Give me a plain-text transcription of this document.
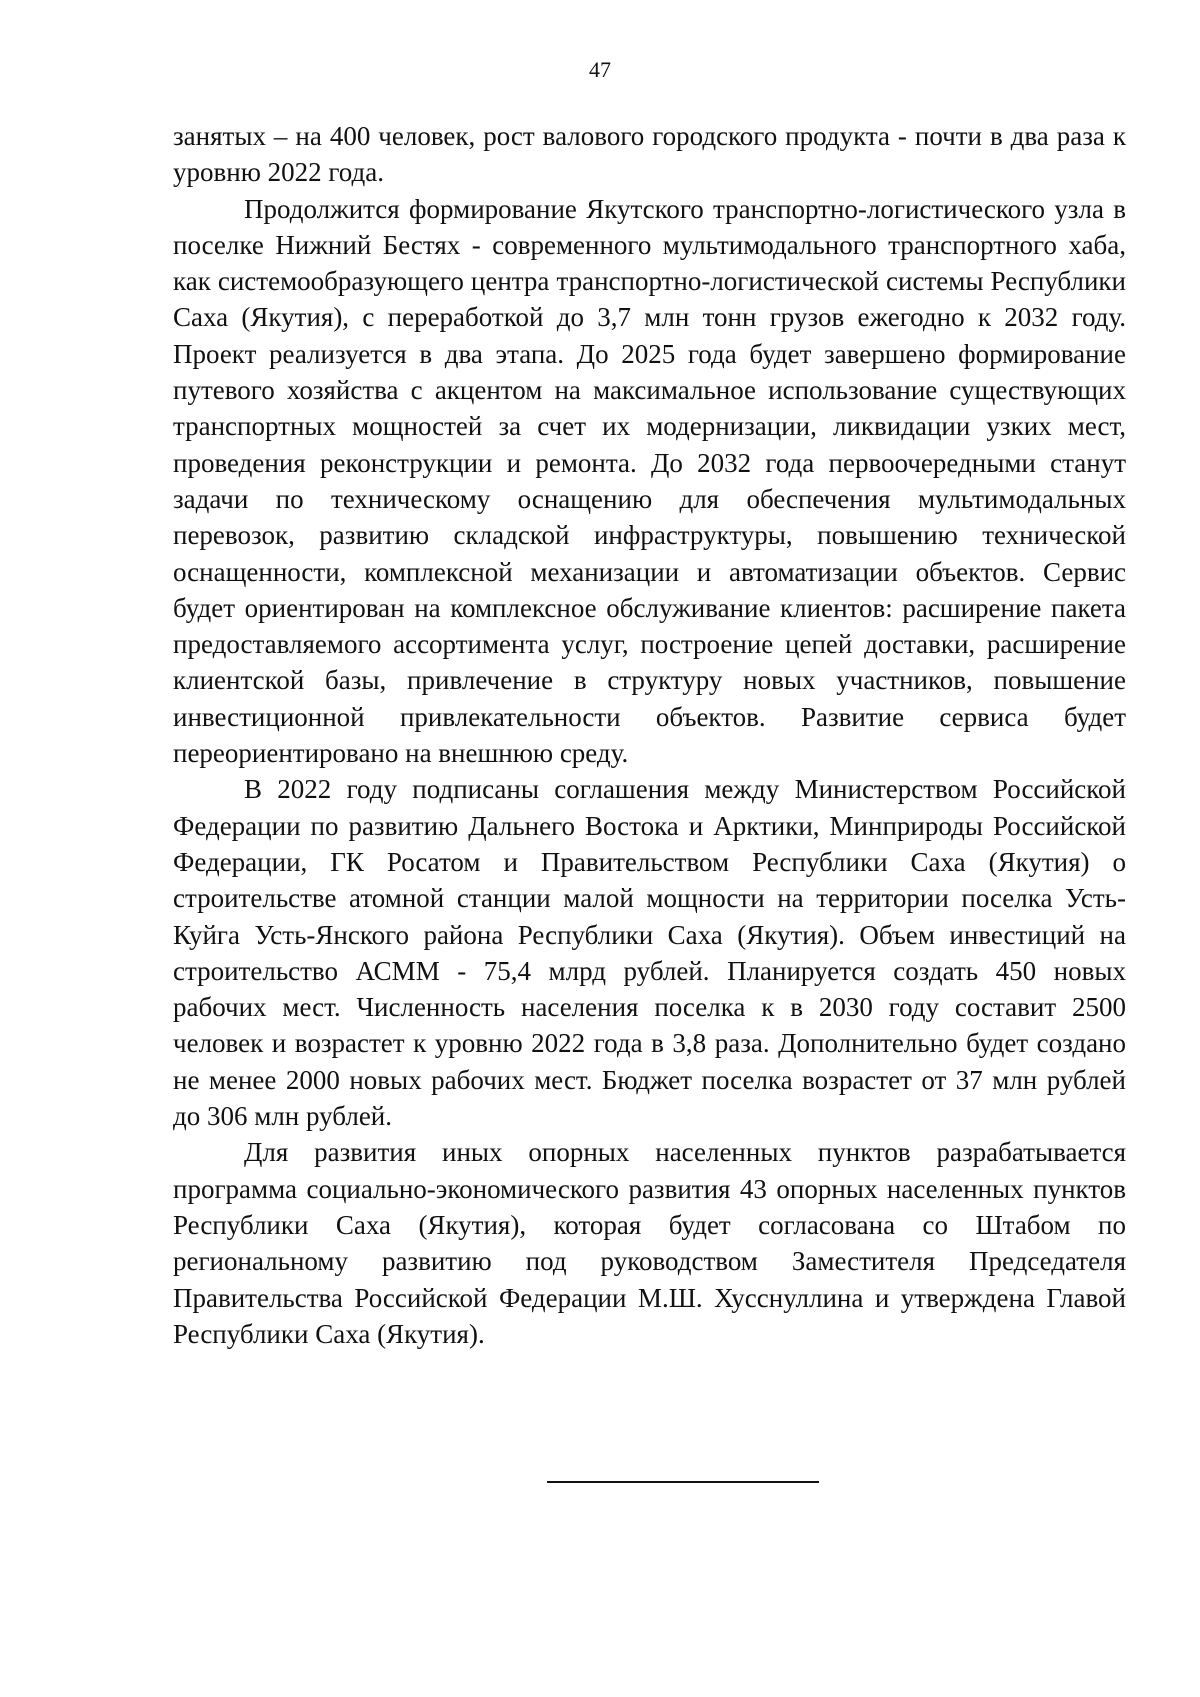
47

занятых – на 400 человек, рост валового городского продукта - почти в два раза к уровню 2022 года.

Продолжится формирование Якутского транспортно-логистического узла в поселке Нижний Бестях - современного мультимодального транспортного хаба, как системообразующего центра транспортно-логистической системы Республики Саха (Якутия), с переработкой до 3,7 млн тонн грузов ежегодно к 2032 году. Проект реализуется в два этапа. До 2025 года будет завершено формирование путевого хозяйства с акцентом на максимальное использование существующих транспортных мощностей за счет их модернизации, ликвидации узких мест, проведения реконструкции и ремонта. До 2032 года первоочередными станут задачи по техническому оснащению для обеспечения мультимодальных перевозок, развитию складской инфраструктуры, повышению технической оснащенности, комплексной механизации и автоматизации объектов. Сервис будет ориентирован на комплексное обслуживание клиентов: расширение пакета предоставляемого ассортимента услуг, построение цепей доставки, расширение клиентской базы, привлечение в структуру новых участников, повышение инвестиционной привлекательности объектов. Развитие сервиса будет переориентировано на внешнюю среду.

В 2022 году подписаны соглашения между Министерством Российской Федерации по развитию Дальнего Востока и Арктики, Минприроды Российской Федерации, ГК Росатом и Правительством Республики Саха (Якутия) о строительстве атомной станции малой мощности на территории поселка Усть-Куйга Усть-Янского района Республики Саха (Якутия). Объем инвестиций на строительство АСММ - 75,4 млрд рублей. Планируется создать 450 новых рабочих мест. Численность населения поселка к в 2030 году составит 2500 человек и возрастет к уровню 2022 года в 3,8 раза. Дополнительно будет создано не менее 2000 новых рабочих мест. Бюджет поселка возрастет от 37 млн рублей до 306 млн рублей.

Для развития иных опорных населенных пунктов разрабатывается программа социально-экономического развития 43 опорных населенных пунктов Республики Саха (Якутия), которая будет согласована со Штабом по региональному развитию под руководством Заместителя Председателя Правительства Российской Федерации М.Ш. Хусснуллина и утверждена Главой Республики Саха (Якутия).
